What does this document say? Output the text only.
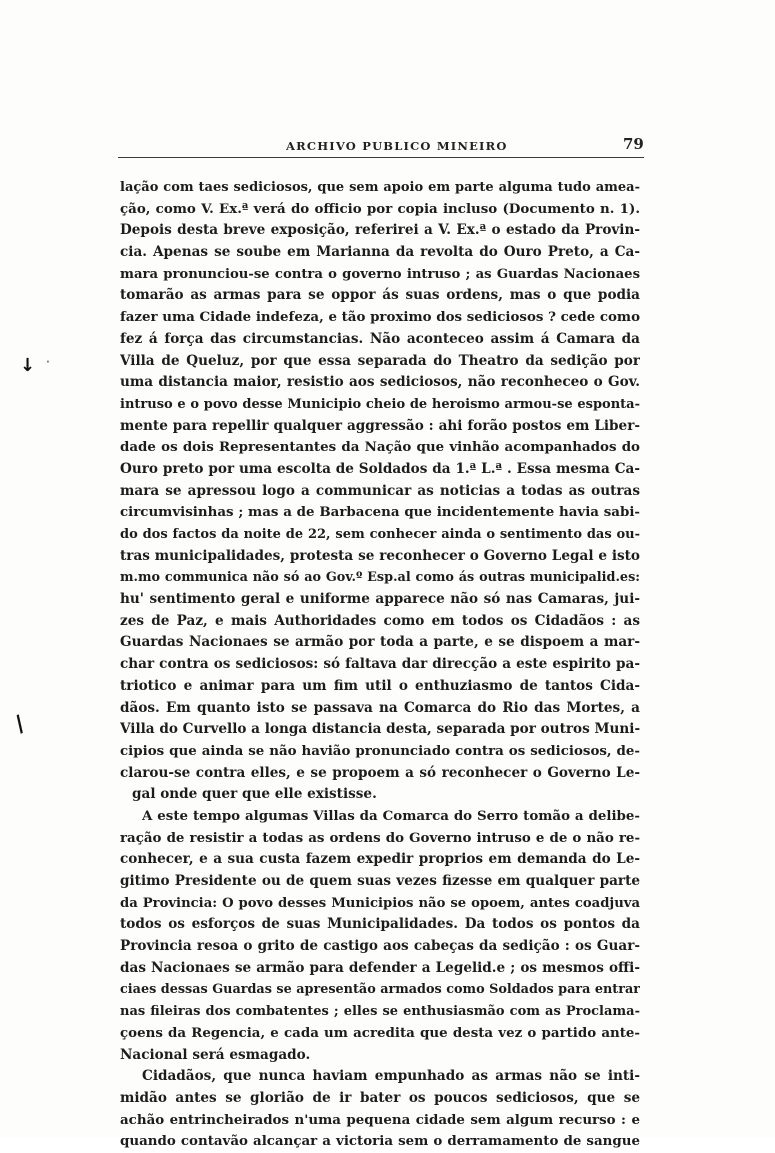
ARCHIVO PUBLICO MINEIRO	79
↓ ·
∕
lação com taes sediciosos, que sem apoio em parte alguma tudo amea-
ção, como V. Ex.ª verá do officio por copia incluso (Documento n. 1).
Depois desta breve exposição, referirei a V. Ex.ª o estado da Provin-
cia. Apenas se soube em Marianna da revolta do Ouro Preto, a Ca-
mara pronunciou-se contra o governo intruso ; as Guardas Nacionaes
tomarão as armas para se oppor ás suas ordens, mas o que podia
fazer uma Cidade indefeza, e tão proximo dos sediciosos ? cede como
fez á força das circumstancias. Não aconteceo assim á Camara da
Villa de Queluz, por que essa separada do Theatro da sedição por
uma distancia maior, resistio aos sediciosos, não reconheceo o Gov.
intruso e o povo desse Municipio cheio de heroismo armou-se esponta-
mente para repellir qualquer aggressão : ahi forão postos em Liber-
dade os dois Representantes da Nação que vinhão acompanhados do
Ouro preto por uma escolta de Soldados da 1.ª L.ª . Essa mesma Ca-
mara se apressou logo a communicar as noticias a todas as outras
circumvisinhas ; mas a de Barbacena que incidentemente havia sabi-
do dos factos da noite de 22, sem conhecer ainda o sentimento das ou-
tras municipalidades, protesta se reconhecer o Governo Legal e isto
m.mo communica não só ao Gov.º Esp.al como ás outras municipalid.es:
hu' sentimento geral e uniforme apparece não só nas Camaras, jui-
zes de Paz, e mais Authoridades como em todos os Cidadãos : as
Guardas Nacionaes se armão por toda a parte, e se dispoem a mar-
char contra os sediciosos: só faltava dar direcção a este espirito pa-
triotico e animar para um fim util o enthuziasmo de tantos Cida-
dãos. Em quanto isto se passava na Comarca do Rio das Mortes, a
Villa do Curvello a longa distancia desta, separada por outros Muni-
cipios que ainda se não havião pronunciado contra os sediciosos, de-
clarou-se contra elles, e se propoem a só reconhecer o Governo Le-
gal onde quer que elle existisse.
A este tempo algumas Villas da Comarca do Serro tomão a delibe-
ração de resistir a todas as ordens do Governo intruso e de o não re-
conhecer, e a sua custa fazem expedir proprios em demanda do Le-
gitimo Presidente ou de quem suas vezes fizesse em qualquer parte
da Provincia: O povo desses Municipios não se opoem, antes coadjuva
todos os esforços de suas Municipalidades. Da todos os pontos da
Provincia resoa o grito de castigo aos cabeças da sedição : os Guar-
das Nacionaes se armão para defender a Legelid.e ; os mesmos offi-
ciaes dessas Guardas se apresentão armados como Soldados para entrar
nas fileiras dos combatentes ; elles se enthusiasmão com as Proclama-
çoens da Regencia, e cada um acredita que desta vez o partido ante-
Nacional será esmagado.
Cidadãos, que nunca haviam empunhado as armas não se inti-
midão antes se glorião de ir bater os poucos sediciosos, que se
achão entrincheirados n'uma pequena cidade sem algum recurso : e
quando contavão alcançar a victoria sem o derramamento de sangue
